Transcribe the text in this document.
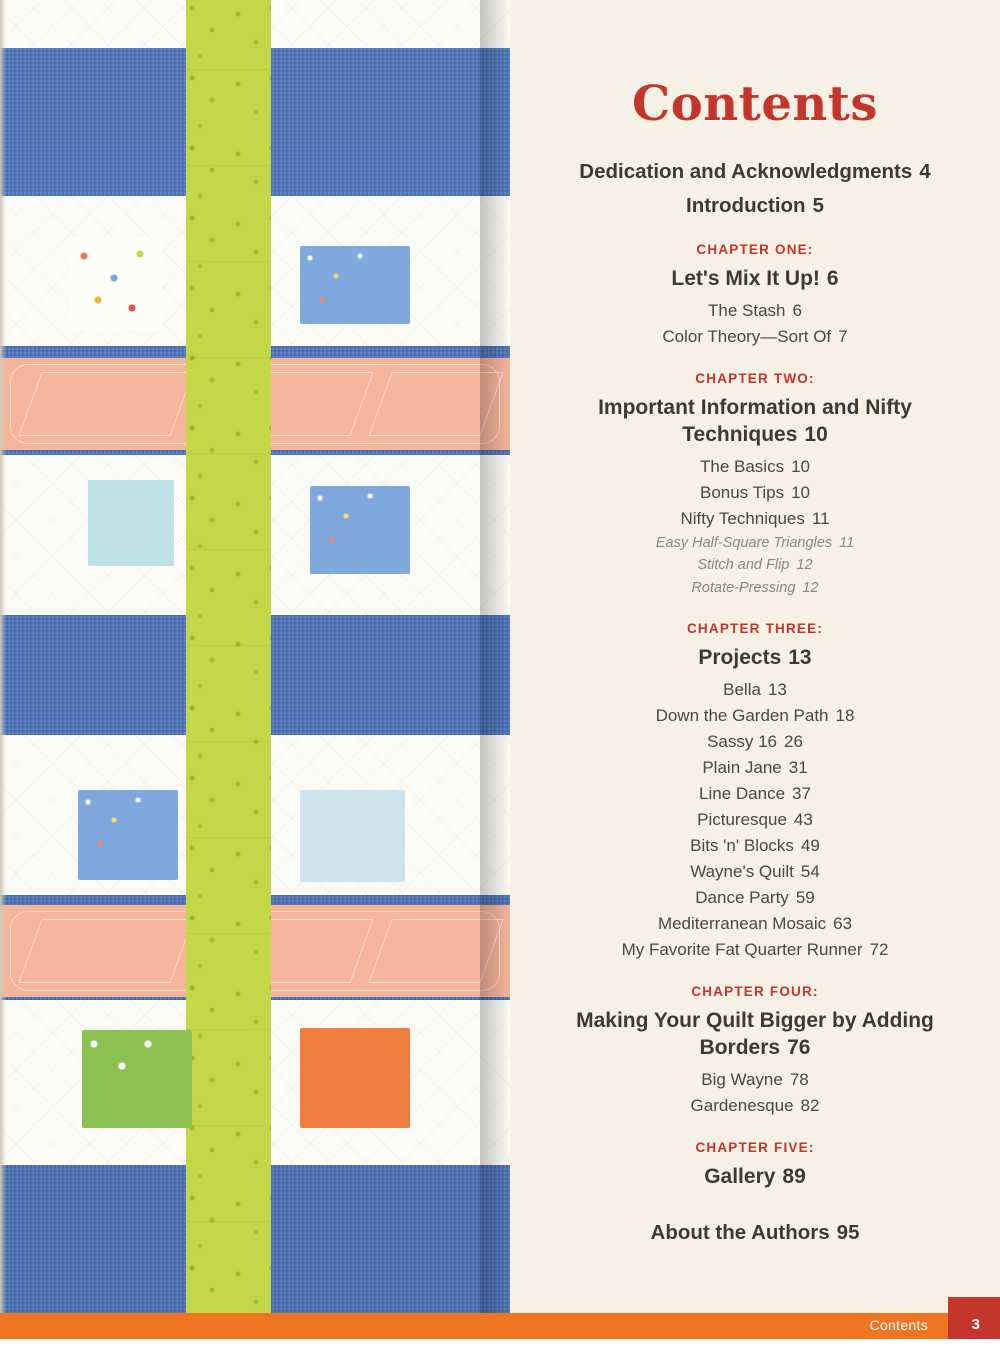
Contents
Dedication and Acknowledgments 4
Introduction 5
CHAPTER ONE:
Let's Mix It Up! 6
The Stash 6
Color Theory—Sort Of 7
CHAPTER TWO:
Important Information and Nifty Techniques 10
The Basics 10
Bonus Tips 10
Nifty Techniques 11
Easy Half-Square Triangles 11
Stitch and Flip 12
Rotate-Pressing 12
CHAPTER THREE:
Projects 13
Bella 13
Down the Garden Path 18
Sassy 16 26
Plain Jane 31
Line Dance 37
Picturesque 43
Bits 'n' Blocks 49
Wayne's Quilt 54
Dance Party 59
Mediterranean Mosaic 63
My Favorite Fat Quarter Runner 72
CHAPTER FOUR:
Making Your Quilt Bigger by Adding Borders 76
Big Wayne 78
Gardenesque 82
CHAPTER FIVE:
Gallery 89
About the Authors 95
Contents	3
